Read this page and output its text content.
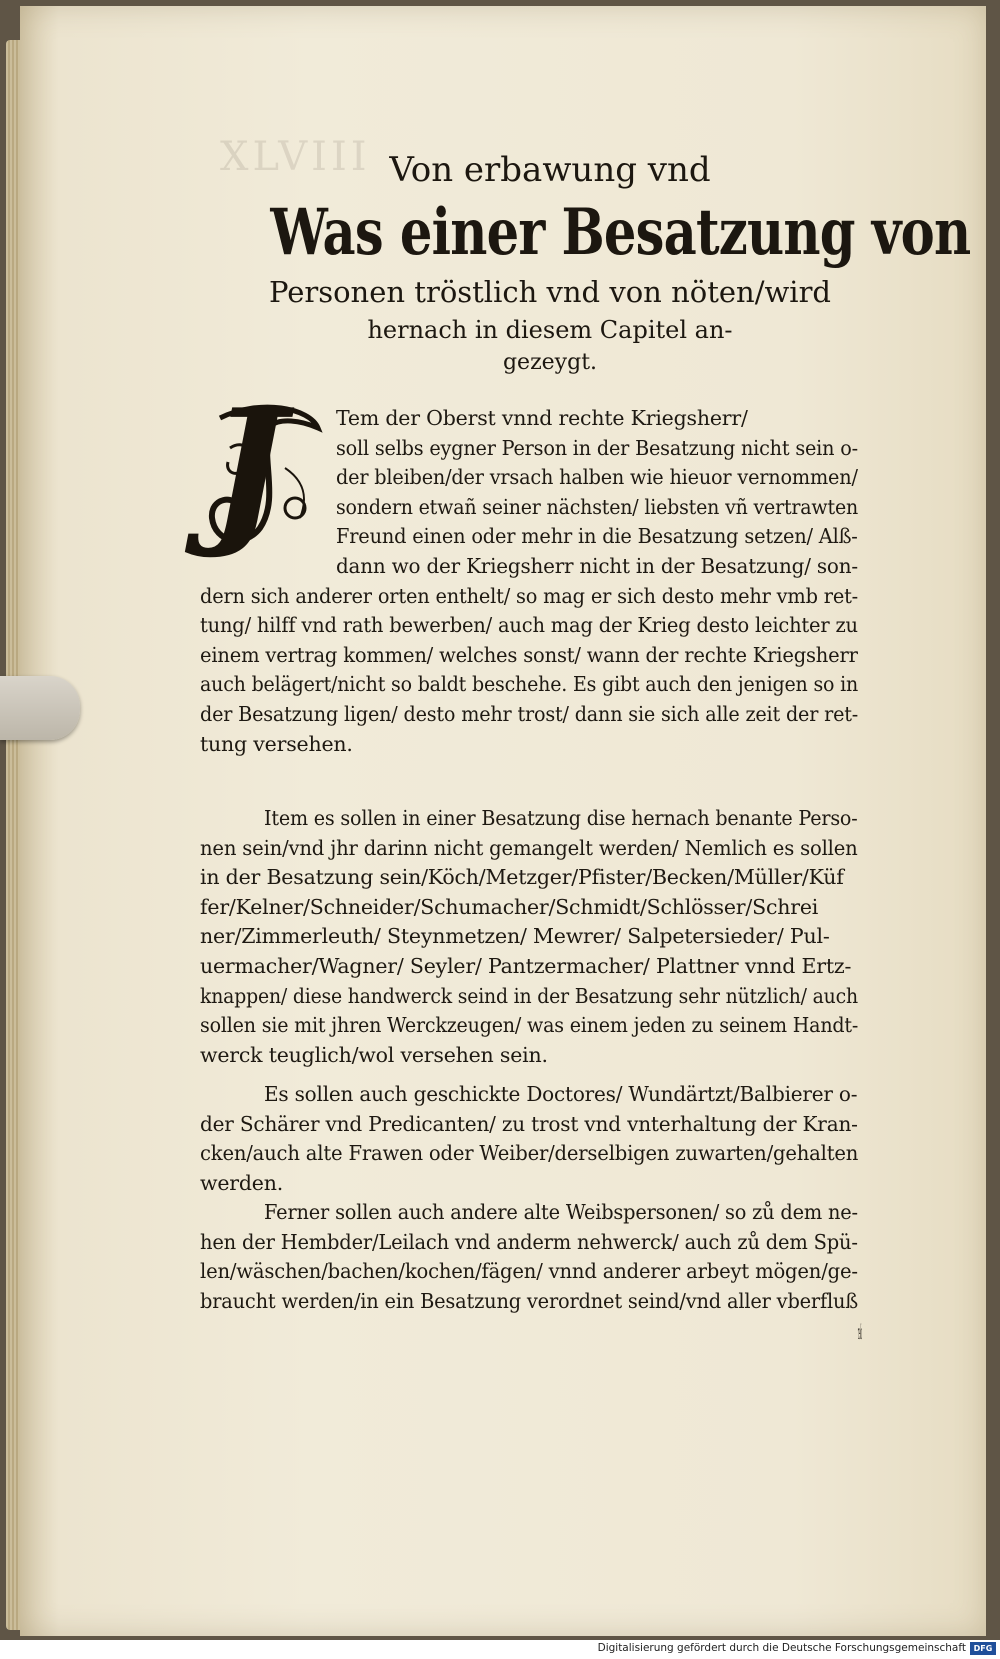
XLVIII Von erbawung vnd
Was einer Besatzung von
Personen tröstlich vnd von nöten/wird
hernach in diesem Capitel an-
gezeygt.
J Tem der Oberst vnnd rechte Kriegsherr/
soll selbs eygner Person in der Besatzung nicht sein o-
der bleiben/der vrsach halben wie hieuor vernommen/
sondern etwañ seiner nächsten/ liebsten vñ vertrawten
Freund einen oder mehr in die Besatzung setzen/ Alß-
dann wo der Kriegsherr nicht in der Besatzung/ son-
dern sich anderer orten enthelt/ so mag er sich desto mehr vmb ret-
tung/ hilff vnd rath bewerben/ auch mag der Krieg desto leichter zu
einem vertrag kommen/ welches sonst/ wann der rechte Kriegsherr
auch belägert/nicht so baldt beschehe. Es gibt auch den jenigen so in
der Besatzung ligen/ desto mehr trost/ dann sie sich alle zeit der ret-
tung versehen.
Item es sollen in einer Besatzung dise hernach benante Perso-
nen sein/vnd jhr darinn nicht gemangelt werden/ Nemlich es sollen
in der Besatzung sein/Köch/Metzger/Pfister/Becken/Müller/Küf
fer/Kelner/Schneider/Schumacher/Schmidt/Schlösser/Schrei
ner/Zimmerleuth/ Steynmetzen/ Mewrer/ Salpetersieder/ Pul-
uermacher/Wagner/ Seyler/ Pantzermacher/ Plattner vnnd Ertz-
knappen/ diese handwerck seind in der Besatzung sehr nützlich/ auch
sollen sie mit jhren Werckzeugen/ was einem jeden zu seinem Handt-
werck teuglich/wol versehen sein.
Es sollen auch geschickte Doctores/ Wundärtzt/Balbierer o-
der Schärer vnd Predicanten/ zu trost vnd vnterhaltung der Kran-
cken/auch alte Frawen oder Weiber/derselbigen zuwarten/gehalten
werden.
Ferner sollen auch andere alte Weibspersonen/ so zů dem ne-
hen der Hembder/Leilach vnd anderm nehwerck/ auch zů dem Spü-
len/wäschen/bachen/kochen/fägen/ vnnd anderer arbeyt mögen/ge-
braucht werden/in ein Besatzung verordnet seind/vnd aller vberfluß
der
Digitalisierung gefördert durch die Deutsche Forschungsgemeinschaft DFG
